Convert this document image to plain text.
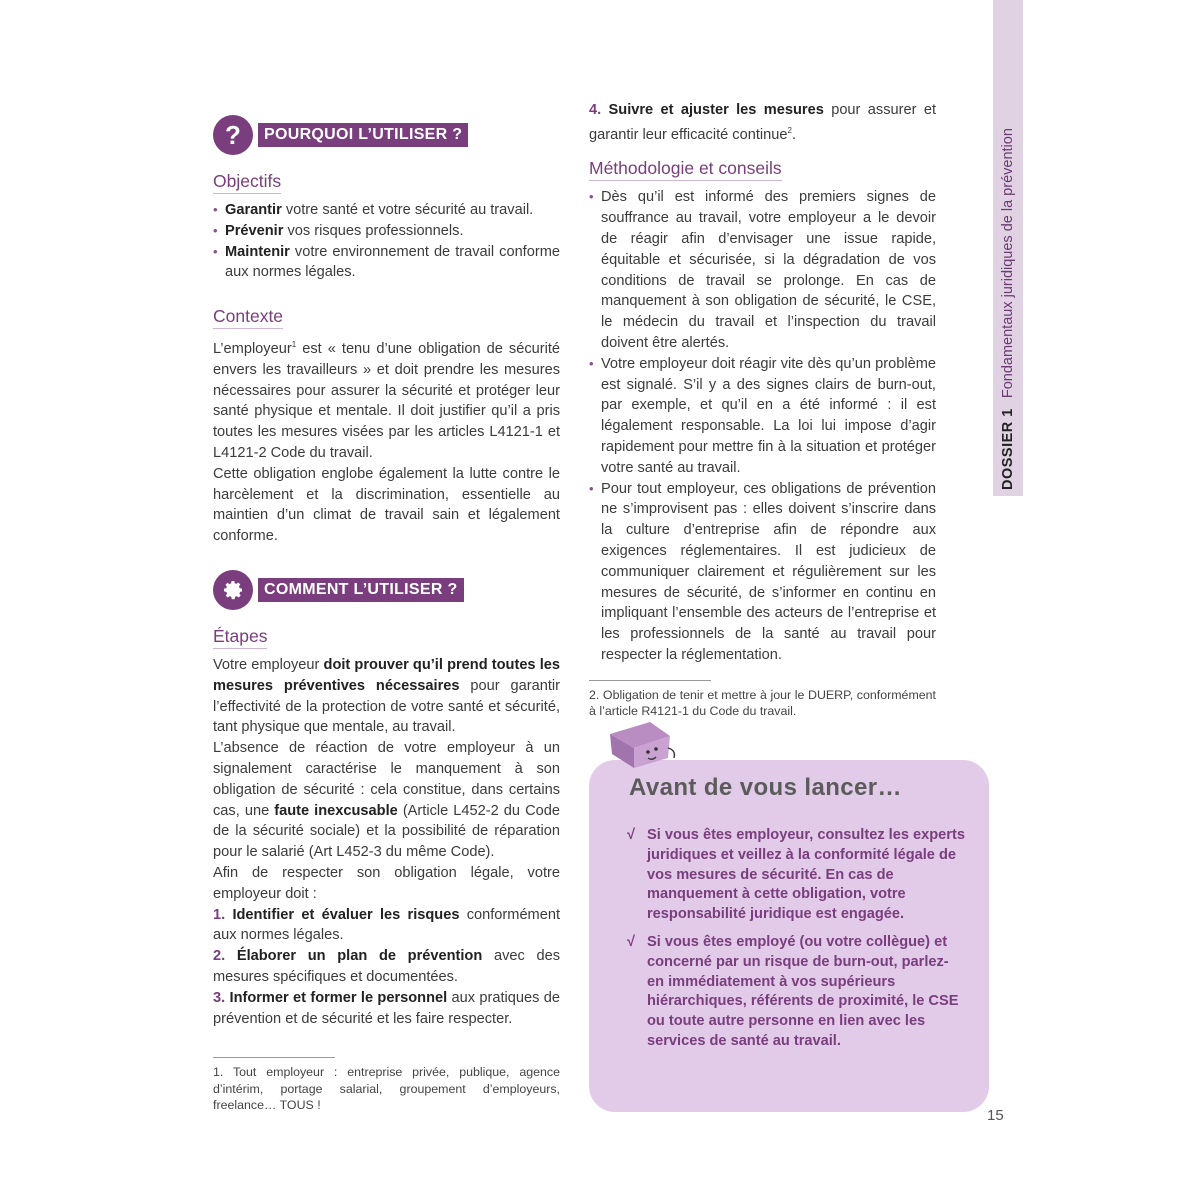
DOSSIER 1Fondamentaux juridiques de la prévention
?	POURQUOI L’UTILISER ?
Objectifs
• Garantir votre santé et votre sécurité au travail.
• Prévenir vos risques professionnels.
• Maintenir votre environnement de travail conforme aux normes légales.
Contexte

L’employeur$^1$ est « tenu d’une obligation de sécurité envers les travailleurs » et doit prendre les mesures nécessaires pour assurer la sécurité et protéger leur santé physique et mentale. Il doit justifier qu’il a pris toutes les mesures visées par les articles L4121-1 et L4121-2 Code du travail.

Cette obligation englobe également la lutte contre le harcèlement et la discrimination, essentielle au maintien d’un climat de travail sain et légalement conforme.

COMMENT L’UTILISER ?
Étapes

Votre employeur doit prouver qu’il prend toutes les mesures préventives nécessaires pour garantir l’effectivité de la protection de votre santé et sécurité, tant physique que mentale, au travail.

L’absence de réaction de votre employeur à un signalement caractérise le manquement à son obligation de sécurité : cela constitue, dans certains cas, une faute inexcusable (Article L452-2 du Code de la sécurité sociale) et la possibilité de réparation pour le salarié (Art L452-3 du même Code).

Afin de respecter son obligation légale, votre employeur doit :

1. Identifier et évaluer les risques conformément aux normes légales.

2. Élaborer un plan de prévention avec des mesures spécifiques et documentées.

3. Informer et former le personnel aux pratiques de prévention et de sécurité et les faire respecter.

1. Tout employeur : entreprise privée, publique, agence d’intérim, portage salarial, groupement d’employeurs, freelance… TOUS !

4. Suivre et ajuster les mesures pour assurer et garantir leur efficacité continue$^2$.

Méthodologie et conseils
• Dès qu’il est informé des premiers signes de souffrance au travail, votre employeur a le devoir de réagir afin d’envisager une issue rapide, équitable et sécurisée, si la dégradation de vos conditions de travail se prolonge. En cas de manquement à son obligation de sécurité, le CSE, le médecin du travail et l’inspection du travail doivent être alertés.
• Votre employeur doit réagir vite dès qu’un problème est signalé. S’il y a des signes clairs de burn-out, par exemple, et qu’il en a été informé : il est légalement responsable. La loi lui impose d’agir rapidement pour mettre fin à la situation et protéger votre santé au travail.
• Pour tout employeur, ces obligations de prévention ne s’improvisent pas : elles doivent s’inscrire dans la culture d’entreprise afin de répondre aux exigences réglementaires. Il est judicieux de communiquer clairement et régulièrement sur les mesures de sécurité, de s’informer en continu en impliquant l’ensemble des acteurs de l’entreprise et les professionnels de la santé au travail pour respecter la réglementation.

2. Obligation de tenir et mettre à jour le DUERP, conformément à l’article R4121-1 du Code du travail.

Avant de vous lancer…
√ Si vous êtes employeur, consultez les experts juridiques et veillez à la conformité légale de vos mesures de sécurité. En cas de manquement à cette obligation, votre responsabilité juridique est engagée.
√ Si vous êtes employé (ou votre collègue) et concerné par un risque de burn-out, parlez-en immédiatement à vos supérieurs hiérarchiques, référents de proximité, le CSE ou toute autre personne en lien avec les services de santé au travail.
15
